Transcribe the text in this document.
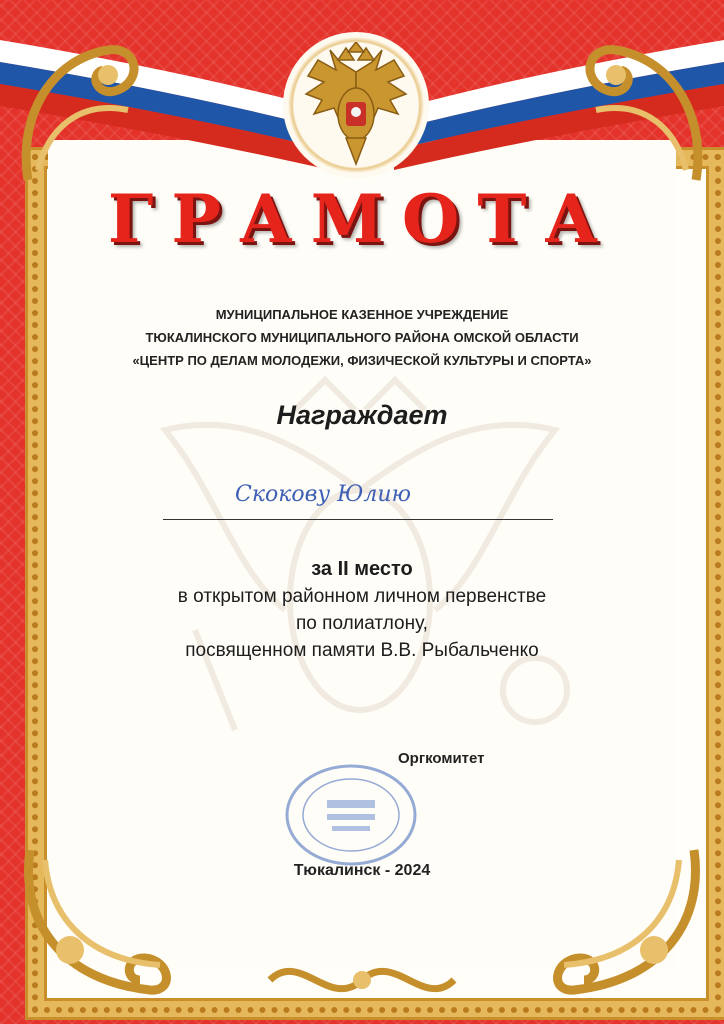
ГРАМОТА
МУНИЦИПАЛЬНОЕ КАЗЕННОЕ УЧРЕЖДЕНИЕ
ТЮКАЛИНСКОГО МУНИЦИПАЛЬНОГО РАЙОНА ОМСКОЙ ОБЛАСТИ
«ЦЕНТР ПО ДЕЛАМ МОЛОДЕЖИ, ФИЗИЧЕСКОЙ КУЛЬТУРЫ И СПОРТА»
Награждает
Скокову Юлию
за II место
в открытом районном личном первенстве
по полиатлону,
посвященном памяти В.В. Рыбальченко
Оргкомитет
Тюкалинск - 2024
